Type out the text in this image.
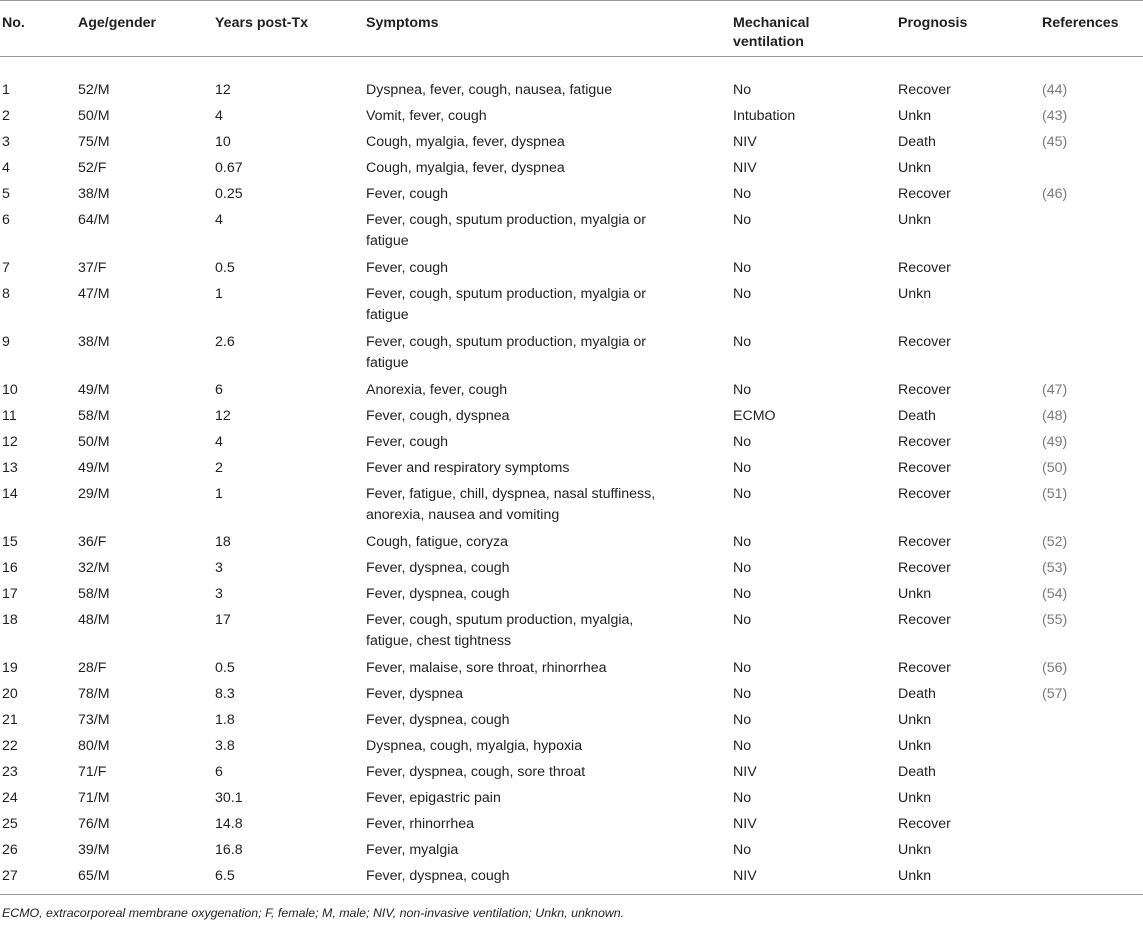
No.	Age/gender	Years post-Tx	Symptoms	Mechanical
ventilation	Prognosis	References
1	52/M	12	Dyspnea, fever, cough, nausea, fatigue	No	Recover	(44)
2	50/M	4	Vomit, fever, cough	Intubation	Unkn	(43)
3	75/M	10	Cough, myalgia, fever, dyspnea	NIV	Death	(45)
4	52/F	0.67	Cough, myalgia, fever, dyspnea	NIV	Unkn	
5	38/M	0.25	Fever, cough	No	Recover	(46)
6	64/M	4	Fever, cough, sputum production, myalgia or
fatigue	No	Unkn	
7	37/F	0.5	Fever, cough	No	Recover	
8	47/M	1	Fever, cough, sputum production, myalgia or
fatigue	No	Unkn	
9	38/M	2.6	Fever, cough, sputum production, myalgia or
fatigue	No	Recover	
10	49/M	6	Anorexia, fever, cough	No	Recover	(47)
11	58/M	12	Fever, cough, dyspnea	ECMO	Death	(48)
12	50/M	4	Fever, cough	No	Recover	(49)
13	49/M	2	Fever and respiratory symptoms	No	Recover	(50)
14	29/M	1	Fever, fatigue, chill, dyspnea, nasal stuffiness,
anorexia, nausea and vomiting	No	Recover	(51)
15	36/F	18	Cough, fatigue, coryza	No	Recover	(52)
16	32/M	3	Fever, dyspnea, cough	No	Recover	(53)
17	58/M	3	Fever, dyspnea, cough	No	Unkn	(54)
18	48/M	17	Fever, cough, sputum production, myalgia,
fatigue, chest tightness	No	Recover	(55)
19	28/F	0.5	Fever, malaise, sore throat, rhinorrhea	No	Recover	(56)
20	78/M	8.3	Fever, dyspnea	No	Death	(57)
21	73/M	1.8	Fever, dyspnea, cough	No	Unkn	
22	80/M	3.8	Dyspnea, cough, myalgia, hypoxia	No	Unkn	
23	71/F	6	Fever, dyspnea, cough, sore throat	NIV	Death	
24	71/M	30.1	Fever, epigastric pain	No	Unkn	
25	76/M	14.8	Fever, rhinorrhea	NIV	Recover	
26	39/M	16.8	Fever, myalgia	No	Unkn	
27	65/M	6.5	Fever, dyspnea, cough	NIV	Unkn	
ECMO, extracorporeal membrane oxygenation; F, female; M, male; NIV, non-invasive ventilation; Unkn, unknown.
